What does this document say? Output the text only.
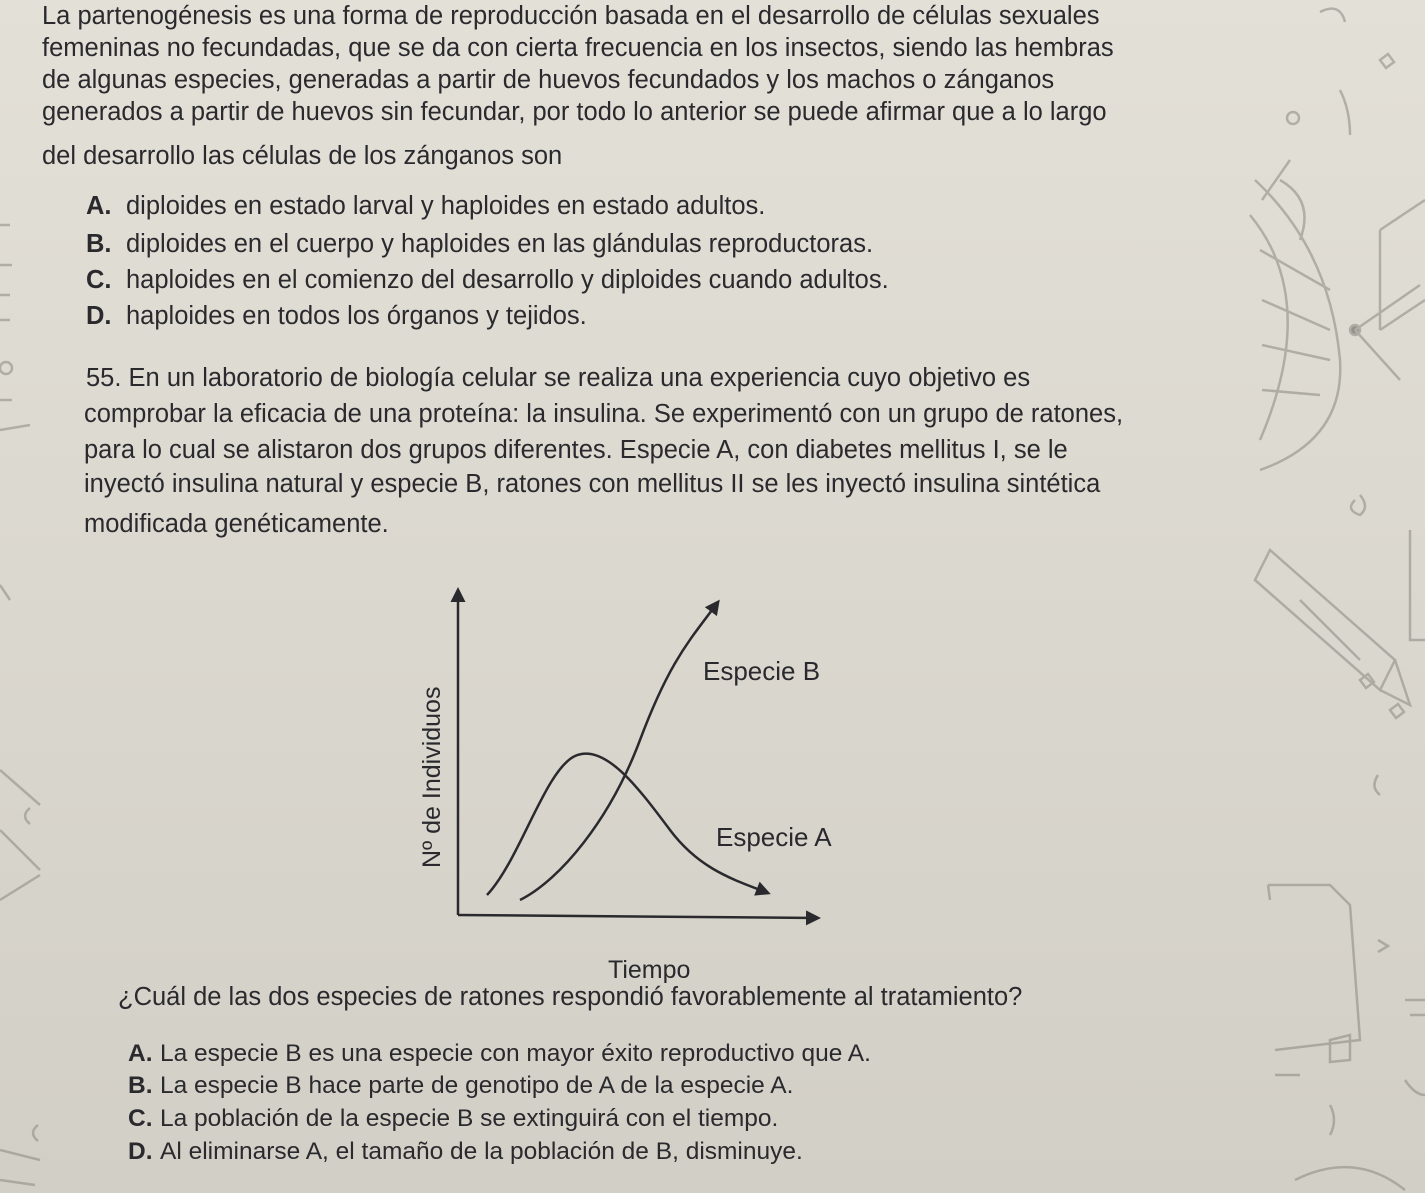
La partenogénesis es una forma de reproducción basada en el desarrollo de células sexuales
femeninas no fecundadas, que se da con cierta frecuencia en los insectos, siendo las hembras
de algunas especies, generadas a partir de huevos fecundados y los machos o zánganos
generados a partir de huevos sin fecundar, por todo lo anterior se puede afirmar que a lo largo
del desarrollo las células de los zánganos son
A. diploides en estado larval y haploides en estado adultos.
B. diploides en el cuerpo y haploides en las glándulas reproductoras.
C. haploides en el comienzo del desarrollo y diploides cuando adultos.
D. haploides en todos los órganos y tejidos.
55. En un laboratorio de biología celular se realiza una experiencia cuyo objetivo es
comprobar la eficacia de una proteína: la insulina. Se experimentó con un grupo de ratones,
para lo cual se alistaron dos grupos diferentes. Especie A, con diabetes mellitus I, se le
inyectó insulina natural y especie B, ratones con mellitus II se les inyectó insulina sintética
modificada genéticamente.
Especie B
Especie A
Tiempo
Nº de Individuos
¿Cuál de las dos especies de ratones respondió favorablemente al tratamiento?
A. La especie B es una especie con mayor éxito reproductivo que A.
B. La especie B hace parte de genotipo de A de la especie A.
C. La población de la especie B se extinguirá con el tiempo.
D. Al eliminarse A, el tamaño de la población de B, disminuye.
